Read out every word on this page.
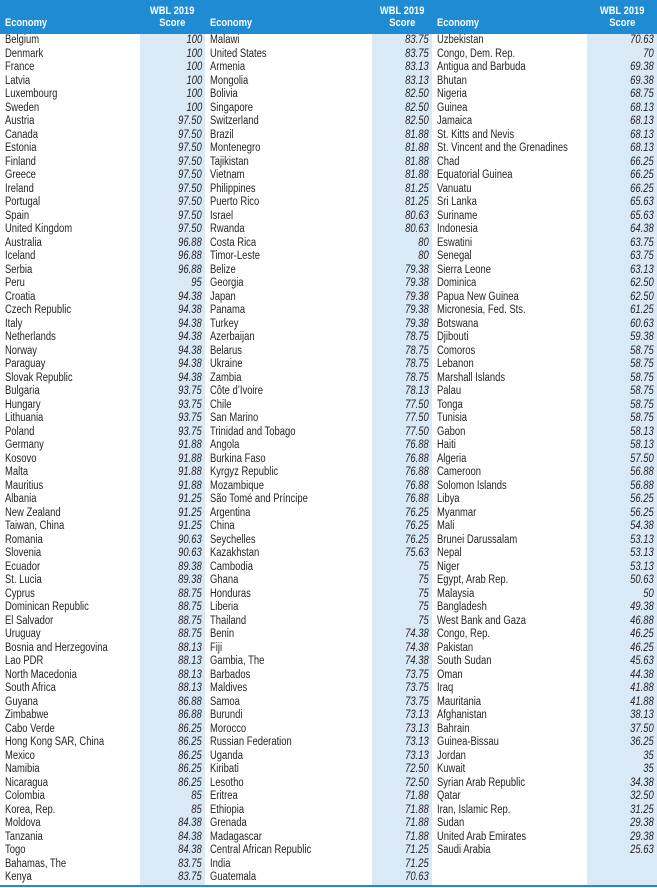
Economy
WBL 2019
Score	Economy
WBL 2019
Score	Economy
WBL 2019
Score
Belgium	100 Malawi	83.75 Uzbekistan	70.63
Denmark	100 United States	83.75 Congo, Dem. Rep.	70
France	100 Armenia	83.13 Antigua and Barbuda	69.38
Latvia	100 Mongolia	83.13 Bhutan	69.38
Luxembourg	100 Bolivia	82.50 Nigeria	68.75
Sweden	100 Singapore	82.50 Guinea	68.13
Austria	97.50 Switzerland	82.50 Jamaica	68.13
Canada	97.50 Brazil	81.88 St. Kitts and Nevis	68.13
Estonia	97.50 Montenegro	81.88 St. Vincent and the Grenadines	68.13
Finland	97.50 Tajikistan	81.88 Chad	66.25
Greece	97.50 Vietnam	81.88 Equatorial Guinea	66.25
Ireland	97.50 Philippines	81.25 Vanuatu	66.25
Portugal	97.50 Puerto Rico	81.25 Sri Lanka	65.63
Spain	97.50 Israel	80.63 Suriname	65.63
United Kingdom	97.50 Rwanda	80.63 Indonesia	64.38
Australia	96.88 Costa Rica	80 Eswatini	63.75
Iceland	96.88 Timor-Leste	80 Senegal	63.75
Serbia	96.88 Belize	79.38 Sierra Leone	63.13
Peru	95 Georgia	79.38 Dominica	62.50
Croatia	94.38 Japan	79.38 Papua New Guinea	62.50
Czech Republic	94.38 Panama	79.38 Micronesia, Fed. Sts.	61.25
Italy	94.38 Turkey	79.38 Botswana	60.63
Netherlands	94.38 Azerbaijan	78.75 Djibouti	59.38
Norway	94.38 Belarus	78.75 Comoros	58.75
Paraguay	94.38 Ukraine	78.75 Lebanon	58.75
Slovak Republic	94.38 Zambia	78.75 Marshall Islands	58.75
Bulgaria	93.75 Côte d’Ivoire	78.13 Palau	58.75
Hungary	93.75 Chile	77.50 Tonga	58.75
Lithuania	93.75 San Marino	77.50 Tunisia	58.75
Poland	93.75 Trinidad and Tobago	77.50 Gabon	58.13
Germany	91.88 Angola	76.88 Haiti	58.13
Kosovo	91.88 Burkina Faso	76.88 Algeria	57.50
Malta	91.88 Kyrgyz Republic	76.88 Cameroon	56.88
Mauritius	91.88 Mozambique	76.88 Solomon Islands	56.88
Albania	91.25 São Tomé and Príncipe	76.88 Libya	56.25
New Zealand	91.25 Argentina	76.25 Myanmar	56.25
Taiwan, China	91.25 China	76.25 Mali	54.38
Romania	90.63 Seychelles	76.25 Brunei Darussalam	53.13
Slovenia	90.63 Kazakhstan	75.63 Nepal	53.13
Ecuador	89.38 Cambodia	75 Niger	53.13
St. Lucia	89.38 Ghana	75 Egypt, Arab Rep.	50.63
Cyprus	88.75 Honduras	75 Malaysia	50
Dominican Republic	88.75 Liberia	75 Bangladesh	49.38
El Salvador	88.75 Thailand	75 West Bank and Gaza	46.88
Uruguay	88.75 Benin	74.38 Congo, Rep.	46.25
Bosnia and Herzegovina	88.13 Fiji	74.38 Pakistan	46.25
Lao PDR	88.13 Gambia, The	74.38 South Sudan	45.63
North Macedonia	88.13 Barbados	73.75 Oman	44.38
South Africa	88.13 Maldives	73.75 Iraq	41.88
Guyana	86.88 Samoa	73.75 Mauritania	41.88
Zimbabwe	86.88 Burundi	73.13 Afghanistan	38.13
Cabo Verde	86.25 Morocco	73.13 Bahrain	37.50
Hong Kong SAR, China	86.25 Russian Federation	73.13 Guinea-Bissau	36.25
Mexico	86.25 Uganda	73.13 Jordan	35
Namibia	86.25 Kiribati	72.50 Kuwait	35
Nicaragua	86.25 Lesotho	72.50 Syrian Arab Republic	34.38
Colombia	85 Eritrea	71.88 Qatar	32.50
Korea, Rep.	85 Ethiopia	71.88 Iran, Islamic Rep.	31.25
Moldova	84.38 Grenada	71.88 Sudan	29.38
Tanzania	84.38 Madagascar	71.88 United Arab Emirates	29.38
Togo	84.38 Central African Republic	71.25 Saudi Arabia	25.63
Bahamas, The	83.75 India	71.25
Kenya	83.75 Guatemala	70.63
